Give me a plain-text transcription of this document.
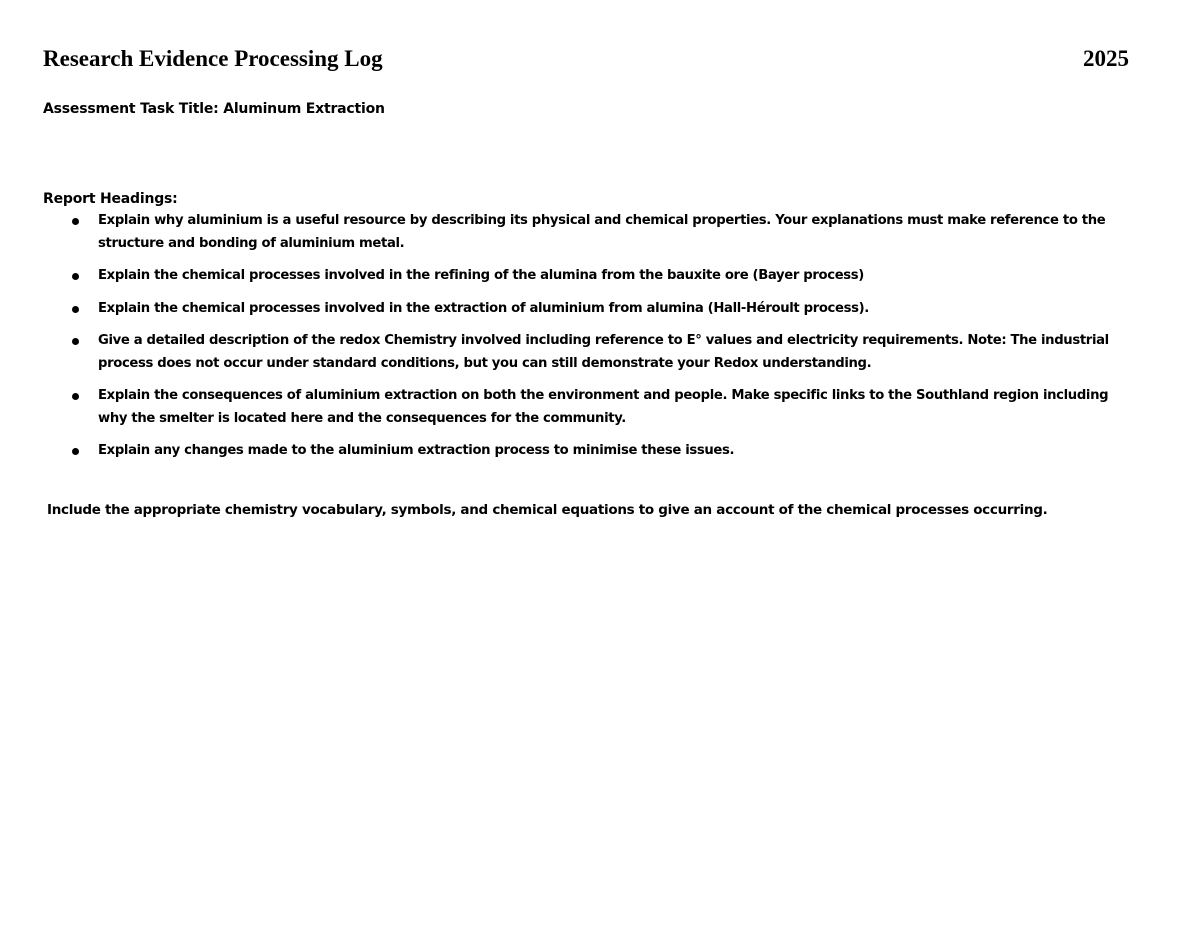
Research Evidence Processing Log	2025
Assessment Task Title: Aluminum Extraction
Report Headings:
Explain why aluminium is a useful resource by describing its physical and chemical properties. Your explanations must make reference to the structure and bonding of aluminium metal.
Explain the chemical processes involved in the refining of the alumina from the bauxite ore (Bayer process)
Explain the chemical processes involved in the extraction of aluminium from alumina (Hall-Héroult process).
Give a detailed description of the redox Chemistry involved including reference to E° values and electricity requirements. Note: The industrial process does not occur under standard conditions, but you can still demonstrate your Redox understanding.
Explain the consequences of aluminium extraction on both the environment and people. Make specific links to the Southland region including why the smelter is located here and the consequences for the community.
Explain any changes made to the aluminium extraction process to minimise these issues.
Include the appropriate chemistry vocabulary, symbols, and chemical equations to give an account of the chemical processes occurring.
